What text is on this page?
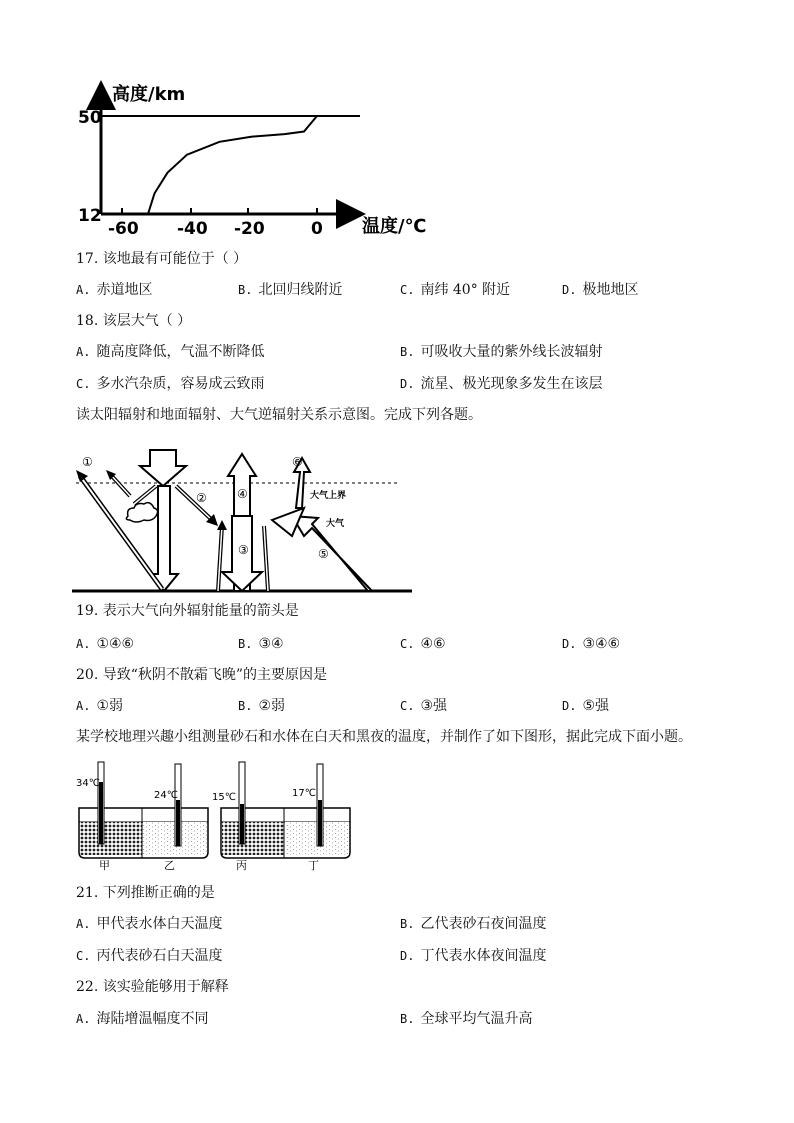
高度/km
50
12
-60 -40 -20	0 温度/℃
17. 该地最有可能位于（ ）
A. 赤道地区	B. 北回归线附近	C. 南纬 40° 附近	D. 极地地区
18. 该层大气（ ）
A. 随高度降低，气温不断降低	B. 可吸收大量的紫外线长波辐射
C. 多水汽杂质，容易成云致雨	D. 流星、极光现象多发生在该层
读太阳辐射和地面辐射、大气逆辐射关系示意图。完成下列各题。
①
②
③
④
⑤
⑥
大气上界
大气
19. 表示大气向外辐射能量的箭头是
A. ①④⑥	B. ③④	C. ④⑥	D. ③④⑥
20. 导致“秋阴不散霜飞晚”的主要原因是
A. ①弱	B. ②弱	C. ③强	D. ⑤强
某学校地理兴趣小组测量砂石和水体在白天和黑夜的温度，并制作了如下图形，据此完成下面小题。
34℃
24℃	15℃	17℃
甲	乙	丙	丁
21. 下列推断正确的是
A. 甲代表水体白天温度	B. 乙代表砂石夜间温度
C. 丙代表砂石白天温度	D. 丁代表水体夜间温度
22. 该实验能够用于解释
A. 海陆增温幅度不同	B. 全球平均气温升高
